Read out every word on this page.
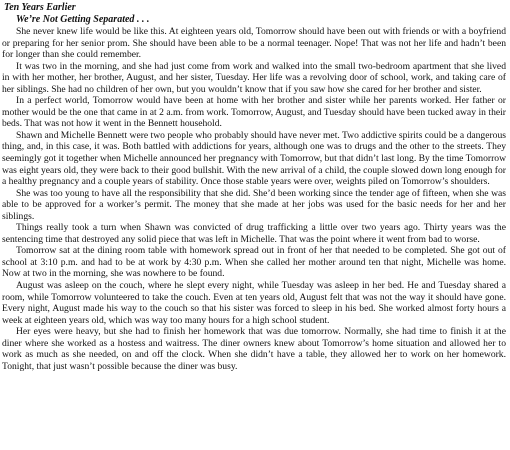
Ten Years Earlier

We’re Not Getting Separated . . .

She never knew life would be like this. At eighteen years old, Tomorrow should have been out with friends or with a boyfriend or preparing for her senior prom. She should have been able to be a normal teenager. Nope! That was not her life and hadn’t been for longer than she could remember.

It was two in the morning, and she had just come from work and walked into the small two-bedroom apartment that she lived in with her mother, her brother, August, and her sister, Tuesday. Her life was a revolving door of school, work, and taking care of her siblings. She had no children of her own, but you wouldn’t know that if you saw how she cared for her brother and sister.

In a perfect world, Tomorrow would have been at home with her brother and sister while her parents worked. Her father or mother would be the one that came in at 2 a.m. from work. Tomorrow, August, and Tuesday should have been tucked away in their beds. That was not how it went in the Bennett household.

Shawn and Michelle Bennett were two people who probably should have never met. Two addictive spirits could be a dangerous thing, and, in this case, it was. Both battled with addictions for years, although one was to drugs and the other to the streets. They seemingly got it together when Michelle announced her pregnancy with Tomorrow, but that didn’t last long. By the time Tomorrow was eight years old, they were back to their good bullshit. With the new arrival of a child, the couple slowed down long enough for a healthy pregnancy and a couple years of stability. Once those stable years were over, weights piled on Tomorrow’s shoulders.

She was too young to have all the responsibility that she did. She’d been working since the tender age of fifteen, when she was able to be approved for a worker’s permit. The money that she made at her jobs was used for the basic needs for her and her siblings.

Things really took a turn when Shawn was convicted of drug trafficking a little over two years ago. Thirty years was the sentencing time that destroyed any solid piece that was left in Michelle. That was the point where it went from bad to worse.

Tomorrow sat at the dining room table with homework spread out in front of her that needed to be completed. She got out of school at 3:10 p.m. and had to be at work by 4:30 p.m. When she called her mother around ten that night, Michelle was home. Now at two in the morning, she was nowhere to be found.

August was asleep on the couch, where he slept every night, while Tuesday was asleep in her bed. He and Tuesday shared a room, while Tomorrow volunteered to take the couch. Even at ten years old, August felt that was not the way it should have gone. Every night, August made his way to the couch so that his sister was forced to sleep in his bed. She worked almost forty hours a week at eighteen years old, which was way too many hours for a high school student.

Her eyes were heavy, but she had to finish her homework that was due tomorrow. Normally, she had time to finish it at the diner where she worked as a hostess and waitress. The diner owners knew about Tomorrow’s home situation and allowed her to work as much as she needed, on and off the clock. When she didn’t have a table, they allowed her to work on her homework. Tonight, that just wasn’t possible because the diner was busy.
